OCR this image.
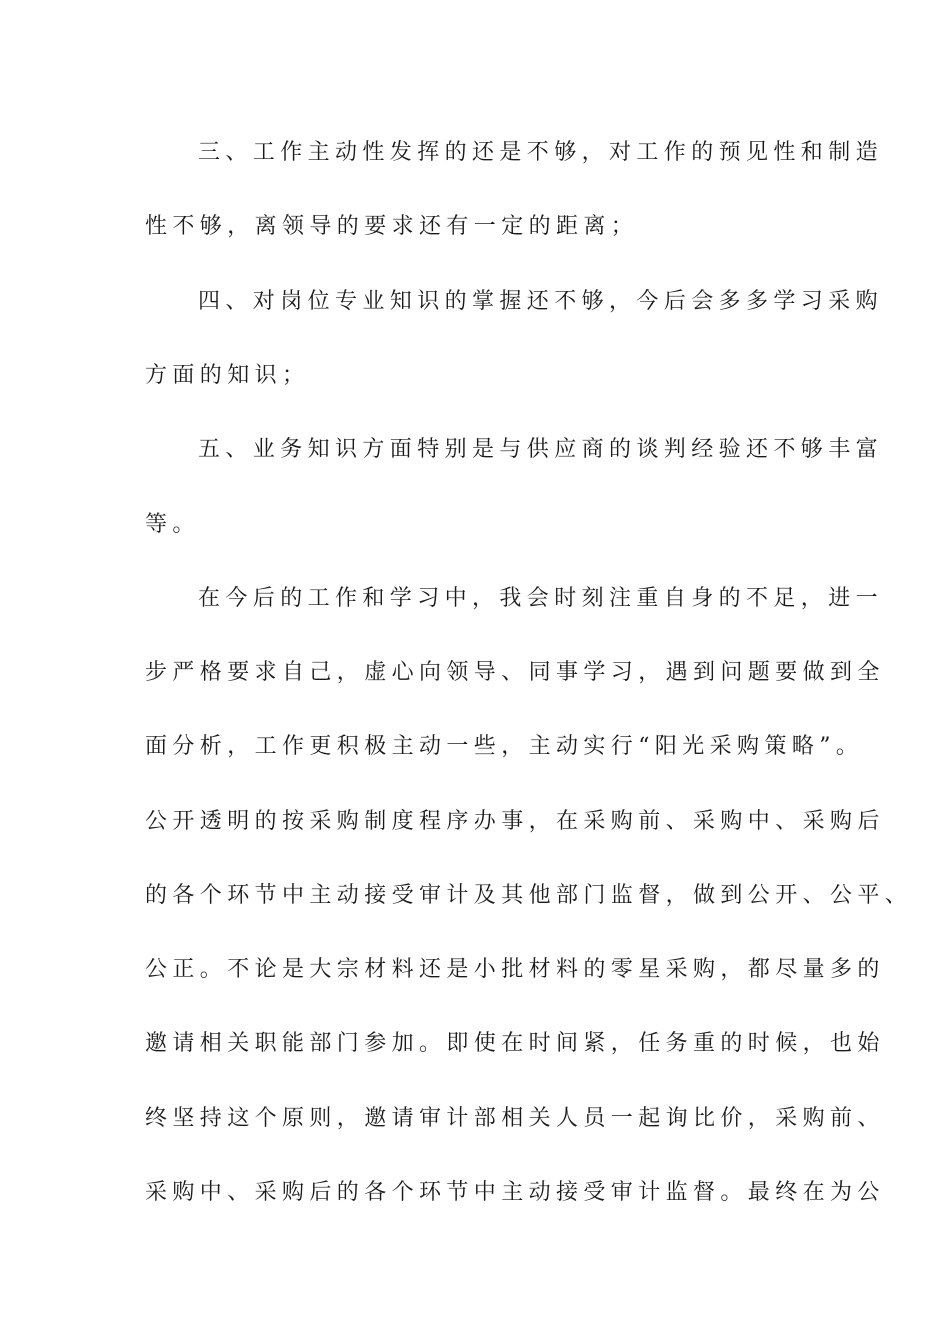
三、工作主动性发挥的还是不够，对工作的预见性和制造
性不够，离领导的要求还有一定的距离；
四、对岗位专业知识的掌握还不够，今后会多多学习采购
方面的知识；
五、业务知识方面特别是与供应商的谈判经验还不够丰富
等。
在今后的工作和学习中，我会时刻注重自身的不足，进一
步严格要求自己，虚心向领导、同事学习，遇到问题要做到全
面分析，工作更积极主动一些，主动实行“阳光采购策略”。
公开透明的按采购制度程序办事，在采购前、采购中、采购后
的各个环节中主动接受审计及其他部门监督，做到公开、公平、
公正。不论是大宗材料还是小批材料的零星采购，都尽量多的
邀请相关职能部门参加。即使在时间紧，任务重的时候，也始
终坚持这个原则，邀请审计部相关人员一起询比价，采购前、
采购中、采购后的各个环节中主动接受审计监督。最终在为公
